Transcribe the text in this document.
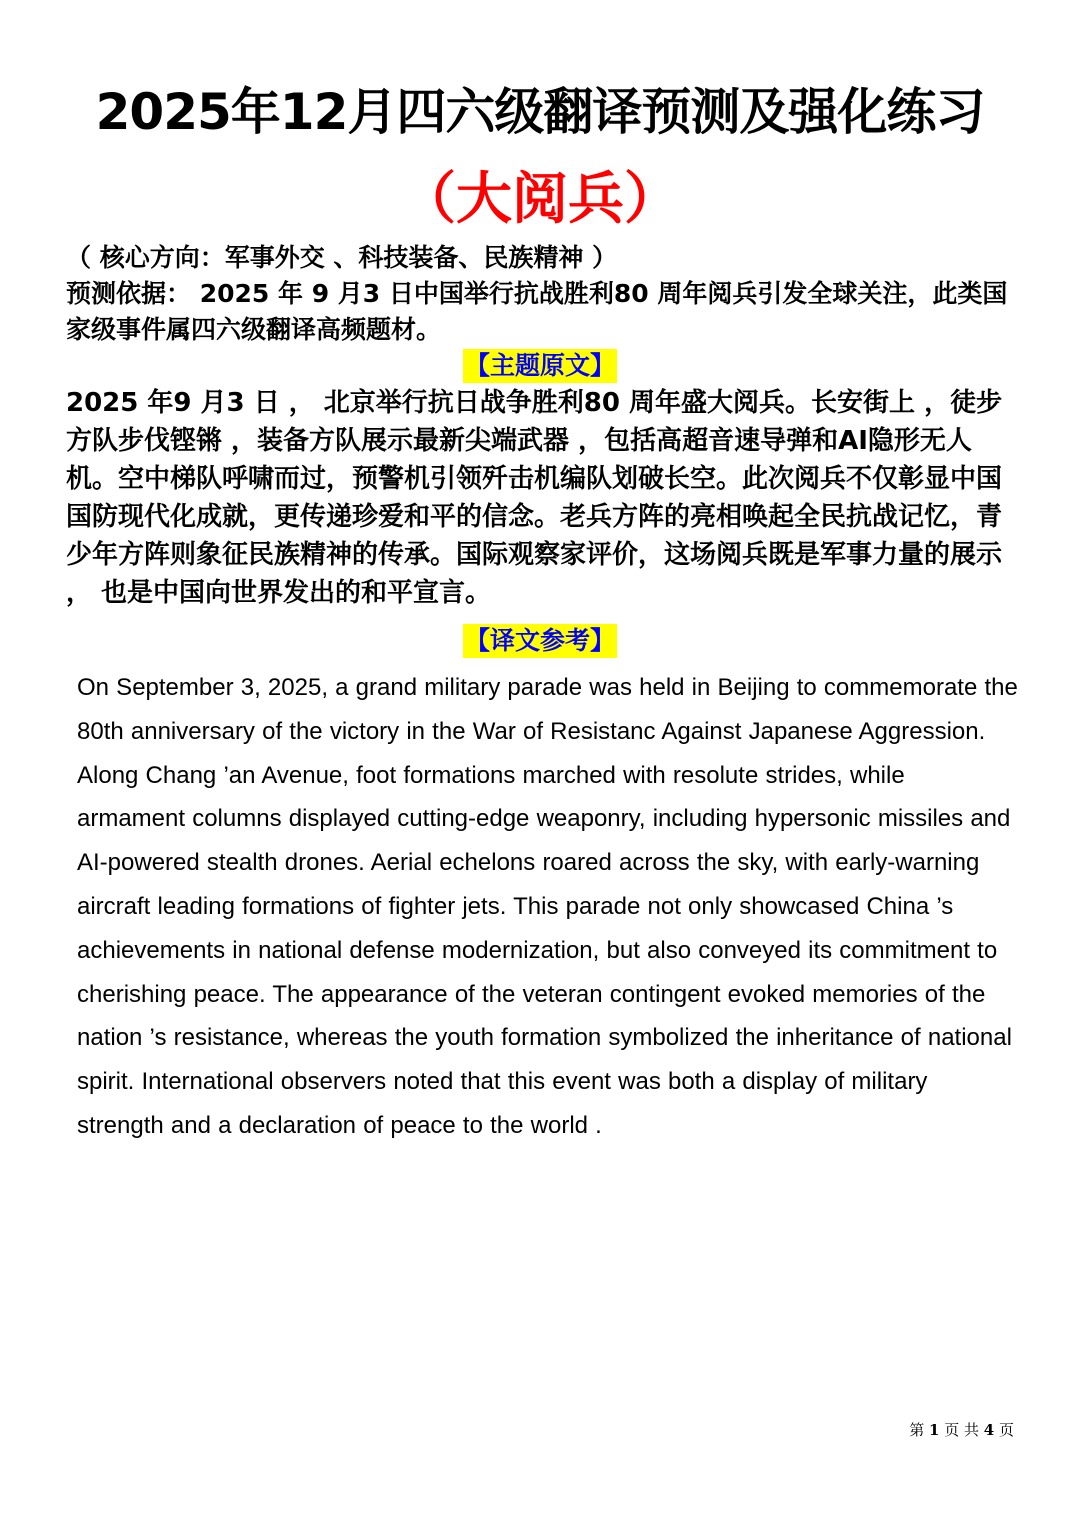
2025年12月四六级翻译预测及强化练习
（大阅兵）
（ 核心方向：军事外交 、科技装备、民族精神 ）

预测依据： 2025 年 9 月3 日中国举行抗战胜利80 周年阅兵引发全球关注，此类国家级事件属四六级翻译高频题材。

【主题原文】

2025 年9 月3 日 ， 北京举行抗日战争胜利80 周年盛大阅兵。长安街上 ，徒步方队步伐铿锵 ，装备方队展示最新尖端武器 ，包括高超音速导弹和AI隐形无人机。空中梯队呼啸而过，预警机引领歼击机编队划破长空。此次阅兵不仅彰显中国国防现代化成就，更传递珍爱和平的信念。老兵方阵的亮相唤起全民抗战记忆，青少年方阵则象征民族精神的传承。国际观察家评价，这场阅兵既是军事力量的展示 ， 也是中国向世界发出的和平宣言。

【译文参考】

On September 3, 2025, a grand military parade was held in Beijing to commemorate the 80th anniversary of the victory in the War of Resistanc Against Japanese Aggression. Along Chang ’an Avenue, foot formations marched with resolute strides, while armament columns displayed cutting-edge weaponry, including hypersonic missiles and AI-powered stealth drones. Aerial echelons roared across the sky, with early-warning aircraft leading formations of fighter jets. This parade not only showcased China ’s achievements in national defense modernization, but also conveyed its commitment to cherishing peace. The appearance of the veteran contingent evoked memories of the nation ’s resistance, whereas the youth formation symbolized the inheritance of national spirit. International observers noted that this event was both a display of military strength and a declaration of peace to the world .

第 1 页 共 4 页
